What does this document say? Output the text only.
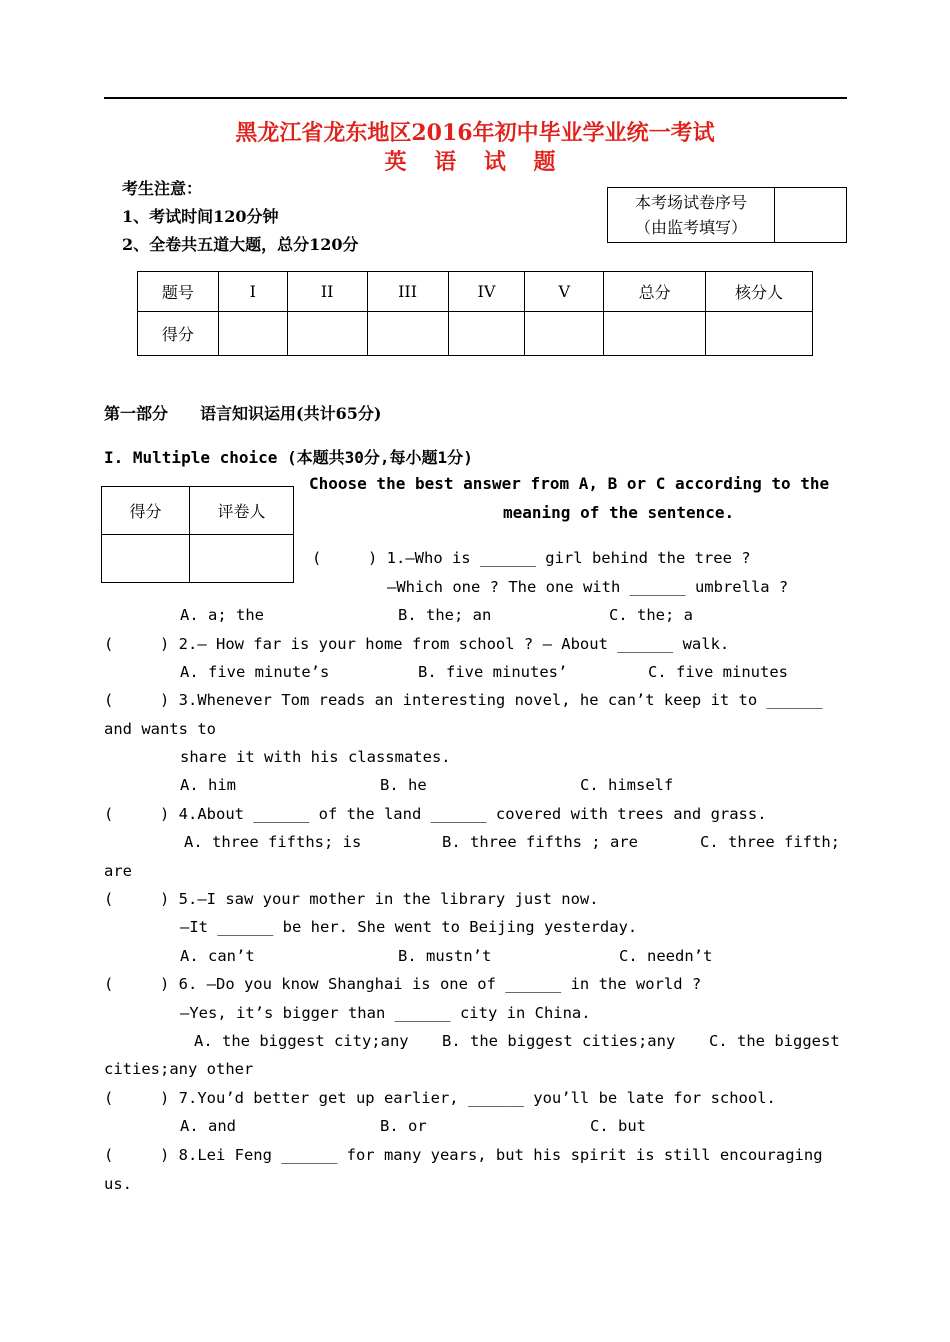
黑龙江省龙东地区2016年初中毕业学业统一考试
英 语 试 题
考生注意：
1、考试时间120分钟
2、全卷共五道大题，总分120分
本考场试卷序号
（由监考填写）

题号	I	II	III	IV	V	总分	核分人
得分							
第一部分　　语言知识运用(共计65分)
I. Multiple choice (本题共30分,每小题1分)
得分	评卷人

Choose the best answer from A, B or C according to the
meaning of the sentence.
(     ) 1.—Who is ______ girl behind the tree ?
—Which one ? The one with ______ umbrella ?
A. a; the	B. the; an	C. the; a
(     ) 2.— How far is your home from school ? — About ______ walk.
A. five minute’s	B. five minutes’	C. five minutes
(     ) 3.Whenever Tom reads an interesting novel, he can’t keep it to ______
and wants to
share it with his classmates.
A. him	B. he	C. himself
(     ) 4.About ______ of the land ______ covered with trees and grass.
A. three fifths; is	B. three fifths ; are	C. three fifth;
are
(     ) 5.—I saw your mother in the library just now.
—It ______ be her. She went to Beijing yesterday.
A. can’t	B. mustn’t	C. needn’t
(     ) 6. —Do you know Shanghai is one of ______ in the world ?
—Yes, it’s bigger than ______ city in China.
A. the biggest city;any B. the biggest cities;any C. the biggest
cities;any other
(     ) 7.You’d better get up earlier, ______ you’ll be late for school.
A. and	B. or	C. but
(     ) 8.Lei Feng ______ for many years, but his spirit is still encouraging
us.
